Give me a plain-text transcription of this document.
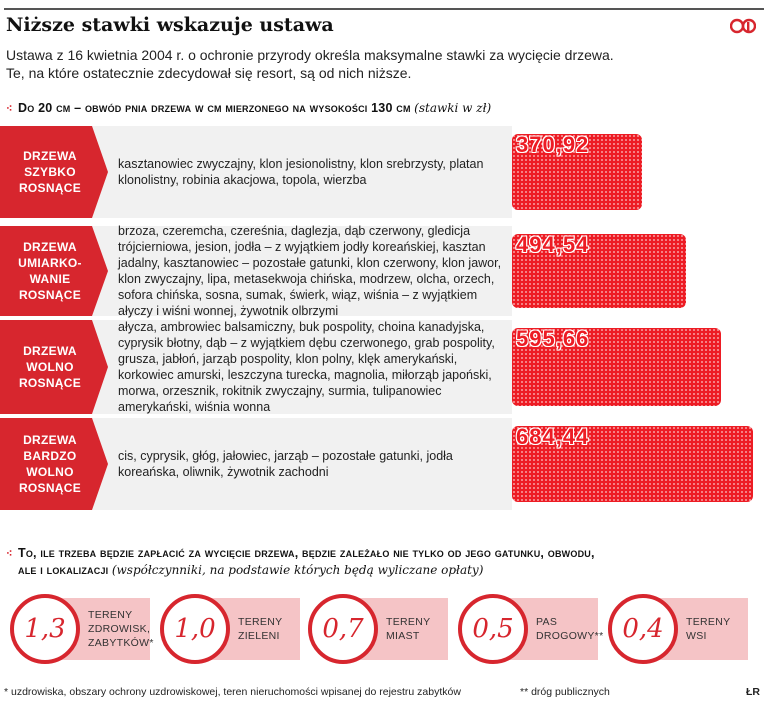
Niższe stawki wskazuje ustawa
Ustawa z 16 kwietnia 2004 r. o ochronie przyrody określa maksymalne stawki za wycięcie drzewa.
Te, na które ostatecznie zdecydował się resort, są od nich niższe.
⁖ Do 20 cm – obwód pnia drzewa w cm mierzonego na wysokości 130 cm (stawki w zł)
DRZEWA
SZYBKO
ROSNĄCE
kasztanowiec zwyczajny, klon jesionolistny, klon srebrzysty, platan klonolistny, robinia akacjowa, topola, wierzba
370,92
DRZEWA
UMIARKO-
WANIE
ROSNĄCE
brzoza, czeremcha, czereśnia, daglezja, dąb czerwony, gledicja trójcierniowa, jesion, jodła – z wyjątkiem jodły koreańskiej, kasztan jadalny, kasztanowiec – pozostałe gatunki, klon czerwony, klon jawor, klon zwyczajny, lipa, metasekwoja chińska, modrzew, olcha, orzech, sofora chińska, sosna, sumak, świerk, wiąz, wiśnia – z wyjątkiem ałyczy i wiśni wonnej, żywotnik olbrzymi
494,54
DRZEWA
WOLNO
ROSNĄCE
ałycza, ambrowiec balsamiczny, buk pospolity, choina kanadyjska, cyprysik błotny, dąb – z wyjątkiem dębu czerwonego, grab pospolity, grusza, jabłoń, jarząb pospolity, klon polny, klęk amerykański, korkowiec amurski, leszczyna turecka, magnolia, miłorząb japoński, morwa, orzesznik, rokitnik zwyczajny, surmia, tulipanowiec amerykański, wiśnia wonna
595,66
DRZEWA
BARDZO
WOLNO
ROSNĄCE
cis, cyprysik, głóg, jałowiec, jarząb – pozostałe gatunki, jodła koreańska, oliwnik, żywotnik zachodni
684,44
⁖ To, ile trzeba będzie zapłacić za wycięcie drzewa, będzie zależało nie tylko od jego gatunku, obwodu,
ale i lokalizacji (współczynniki, na podstawie których będą wyliczane opłaty)
1,3 TERENY
ZDROWISK,
ZABYTKÓW* 1,0 TERENY
ZIELENI	0,7 TERENY
MIAST	0,5 PAS
DROGOWY** 0,4 TERENY
WSI
* uzdrowiska, obszary ochrony uzdrowiskowej, teren nieruchomości wpisanej do rejestru zabytków	** dróg publicznych	ŁR
